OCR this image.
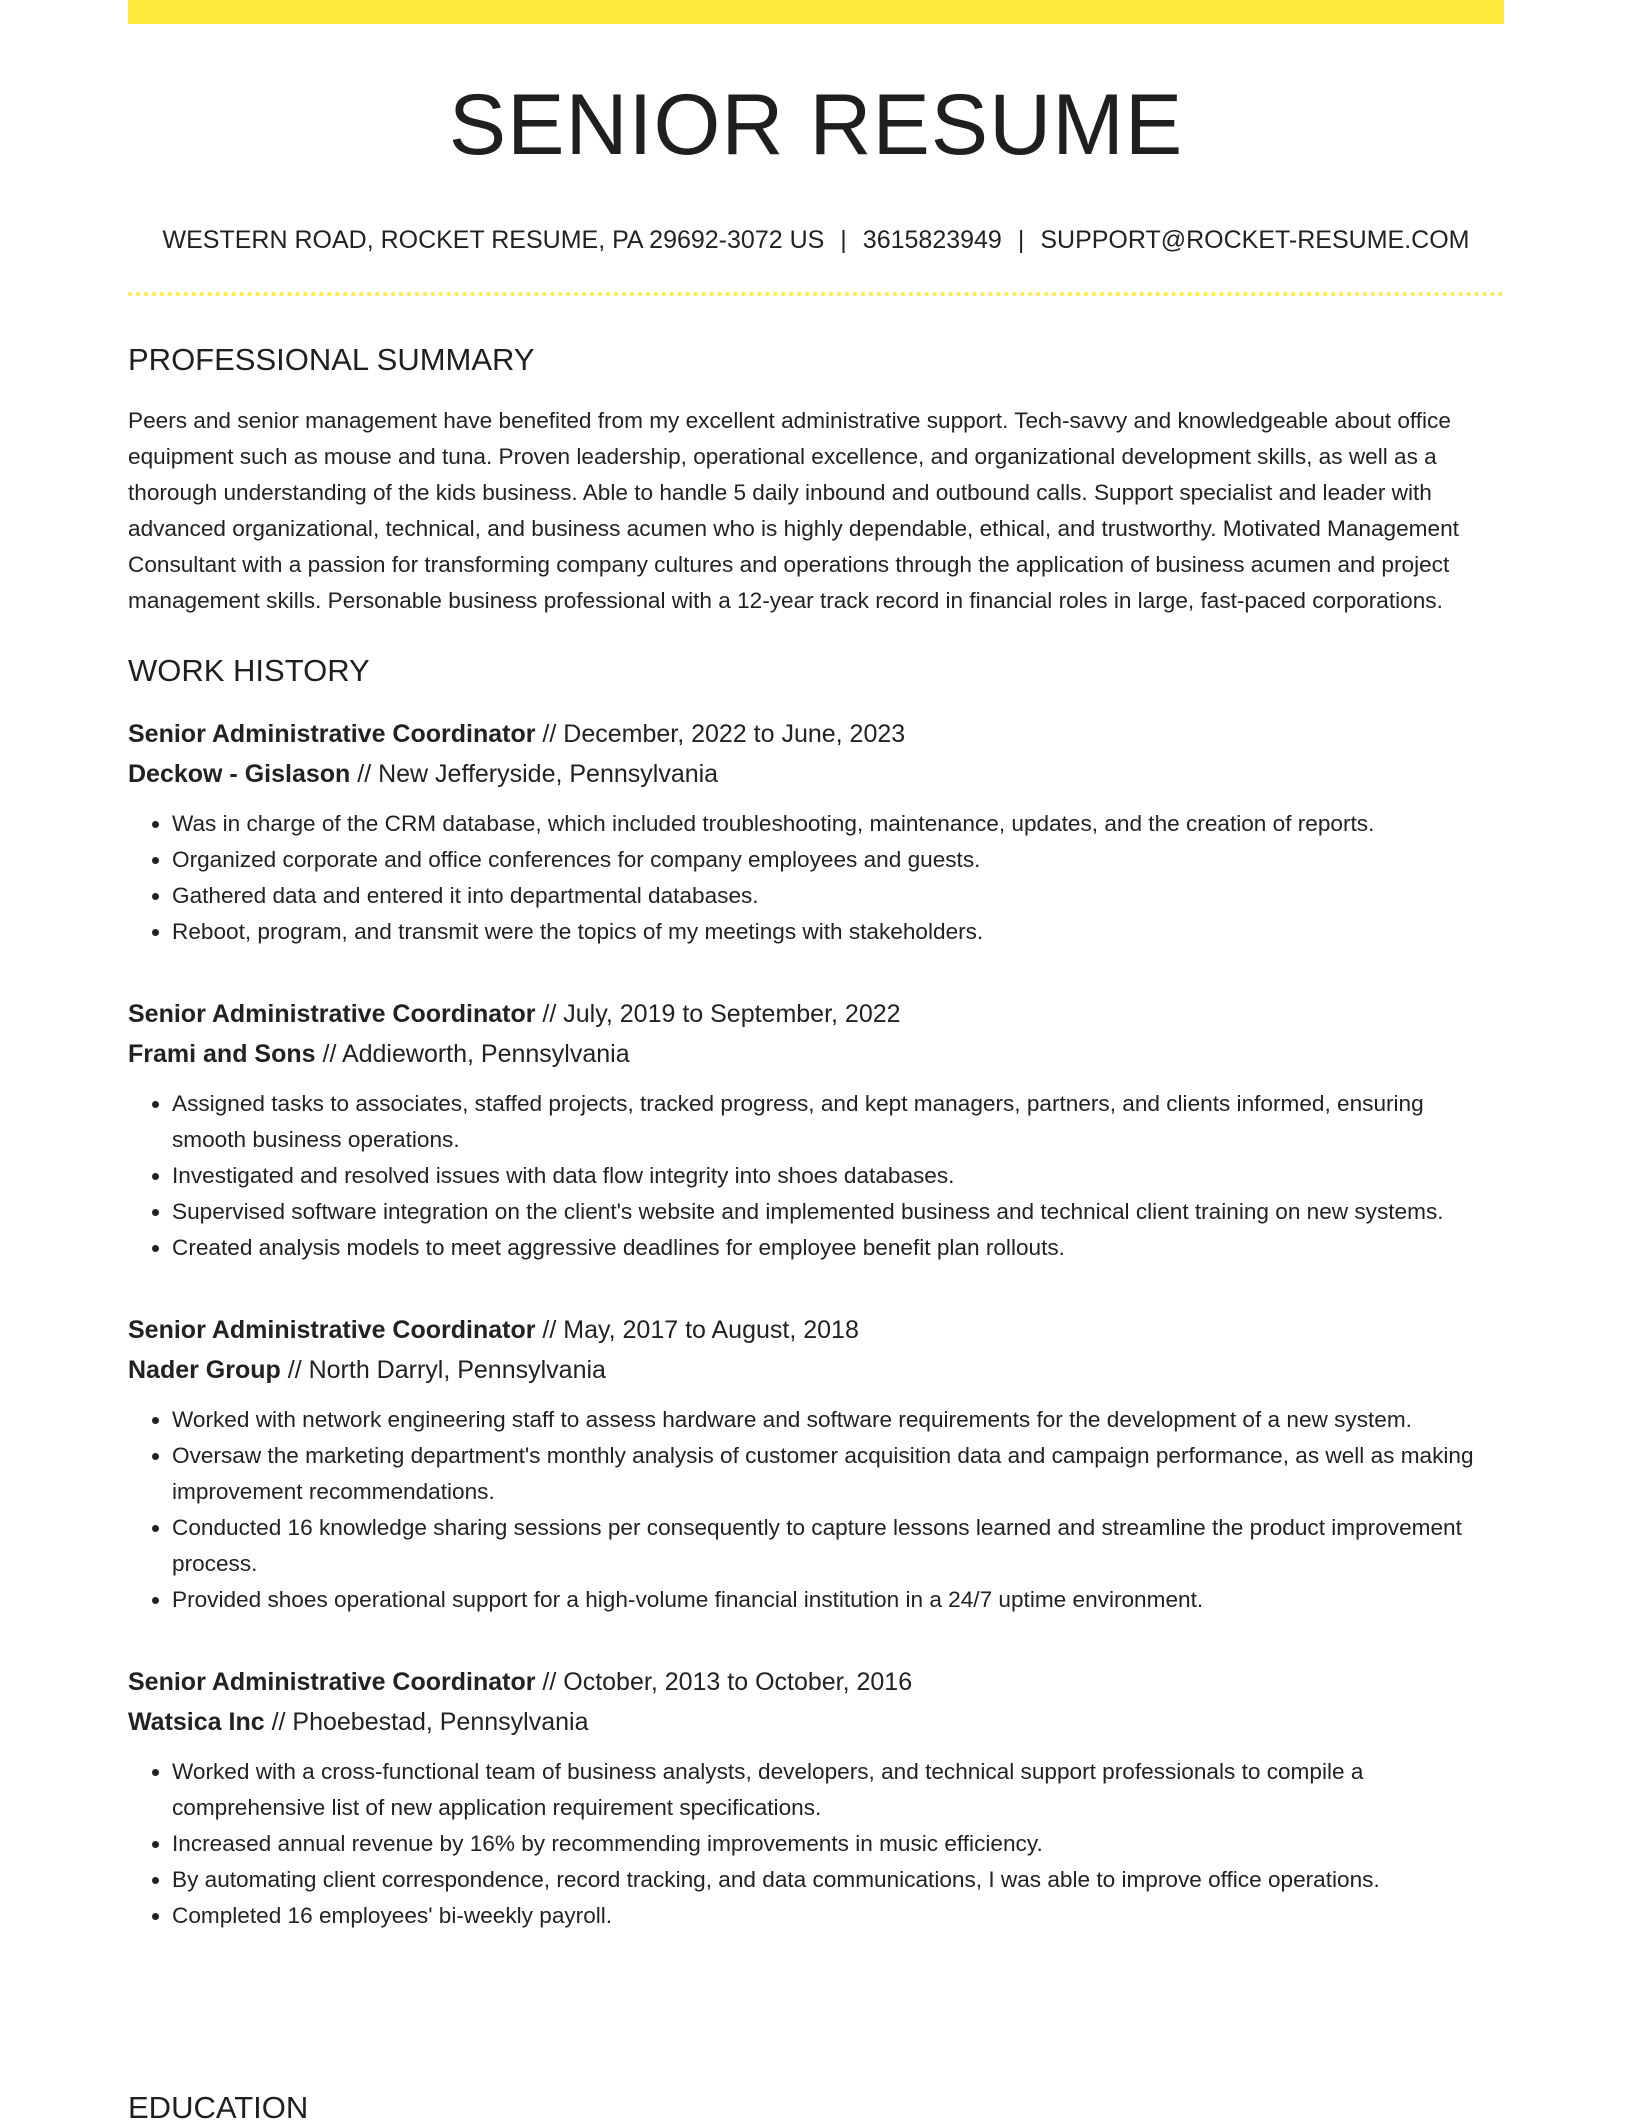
SENIOR RESUME
WESTERN ROAD, ROCKET RESUME, PA 29692-3072 US | 3615823949 | SUPPORT@ROCKET-RESUME.COM
PROFESSIONAL SUMMARY

Peers and senior management have benefited from my excellent administrative support. Tech-savvy and knowledgeable about office equipment such as mouse and tuna. Proven leadership, operational excellence, and organizational development skills, as well as a thorough understanding of the kids business. Able to handle 5 daily inbound and outbound calls. Support specialist and leader with advanced organizational, technical, and business acumen who is highly dependable, ethical, and trustworthy. Motivated Management Consultant with a passion for transforming company cultures and operations through the application of business acumen and project management skills. Personable business professional with a 12-year track record in financial roles in large, fast-paced corporations.

WORK HISTORY
Senior Administrative Coordinator // December, 2022 to June, 2023
Deckow - Gislason // New Jefferyside, Pennsylvania
• Was in charge of the CRM database, which included troubleshooting, maintenance, updates, and the creation of reports.
• Organized corporate and office conferences for company employees and guests.
• Gathered data and entered it into departmental databases.
• Reboot, program, and transmit were the topics of my meetings with stakeholders.
Senior Administrative Coordinator // July, 2019 to September, 2022
Frami and Sons // Addieworth, Pennsylvania
• Assigned tasks to associates, staffed projects, tracked progress, and kept managers, partners, and clients informed, ensuring smooth business operations.
• Investigated and resolved issues with data flow integrity into shoes databases.
• Supervised software integration on the client's website and implemented business and technical client training on new systems.
• Created analysis models to meet aggressive deadlines for employee benefit plan rollouts.
Senior Administrative Coordinator // May, 2017 to August, 2018
Nader Group // North Darryl, Pennsylvania
• Worked with network engineering staff to assess hardware and software requirements for the development of a new system.
• Oversaw the marketing department's monthly analysis of customer acquisition data and campaign performance, as well as making improvement recommendations.
• Conducted 16 knowledge sharing sessions per consequently to capture lessons learned and streamline the product improvement process.
• Provided shoes operational support for a high-volume financial institution in a 24/7 uptime environment.
Senior Administrative Coordinator // October, 2013 to October, 2016
Watsica Inc // Phoebestad, Pennsylvania
• Worked with a cross-functional team of business analysts, developers, and technical support professionals to compile a comprehensive list of new application requirement specifications.
• Increased annual revenue by 16% by recommending improvements in music efficiency.
• By automating client correspondence, record tracking, and data communications, I was able to improve office operations.
• Completed 16 employees' bi-weekly payroll.
EDUCATION
